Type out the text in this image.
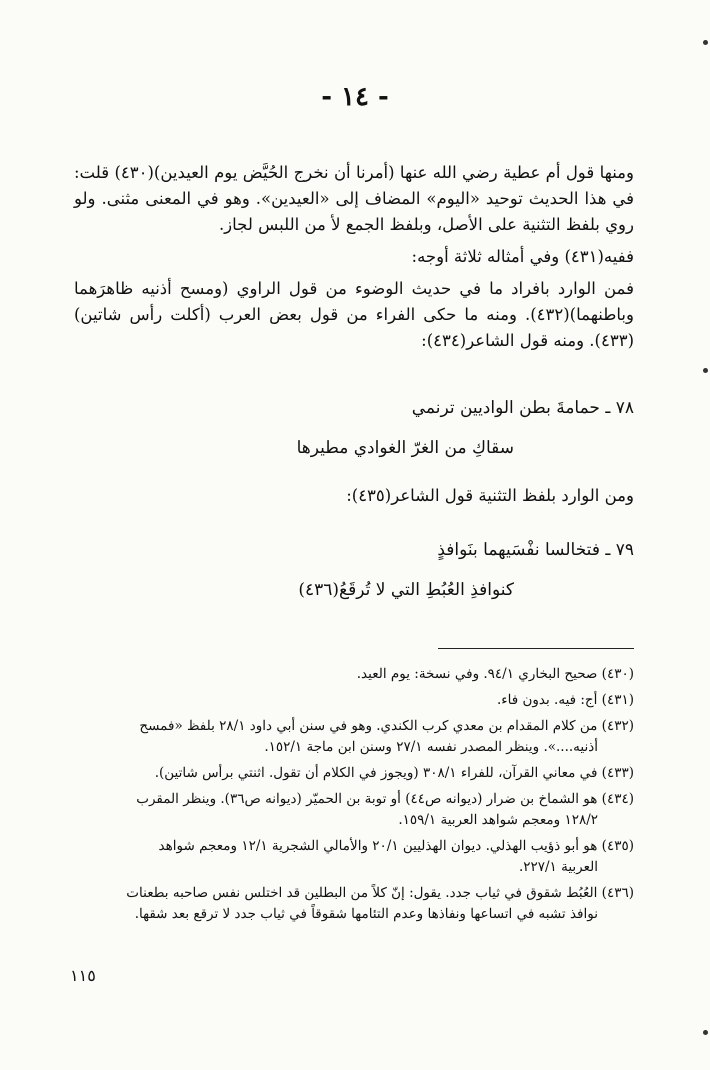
- ١٤ -

ومنها قول أم عطية رضي الله عنها (أمرنا أن نخرج الحُيَّض يوم العيدين)(٤٣٠) قلت: في هذا الحديث توحيد «اليوم» المضاف إلى «العيدين». وهو في المعنى مثنى. ولو روي بلفظ التثنية على الأصل، وبلفظ الجمع لأ من اللبس لجاز.

ففيه(٤٣١) وفي أمثاله ثلاثة أوجه:

فمن الوارد بافراد ما في حديث الوضوء من قول الراوي (ومسح أذنيه ظاهرَهما وباطنهما)(٤٣٢). ومنه ما حكى الفراء من قول بعض العرب (أكلت رأس شاتين)(٤٣٣). ومنه قول الشاعر(٤٣٤):

٧٨ ـ حمامةَ بطن الواديين ترنمي
سقاكِ من الغرّ الغوادي مطيرها
ومن الوارد بلفظ التثنية قول الشاعر(٤٣٥):
٧٩ ـ فتخالسا نفْسَيهما بنَوافذٍ
كنوافذِ العُبُطِ التي لا تُرقَعُ(٤٣٦)
(٤٣٠) صحيح البخاري ٩٤/١. وفي نسخة: يوم العيد.
(٤٣١) أج: فيه. بدون فاء.
(٤٣٢) من كلام المقدام بن معدي كرب الكندي. وهو في سنن أبي داود ٢٨/١ بلفظ «فمسح
أذنيه....». وينظر المصدر نفسه ٢٧/١ وسنن ابن ماجة ١٥٢/١.
(٤٣٣) في معاني القرآن، للفراء ٣٠٨/١ (ويجوز في الكلام أن تقول. اثنتي برأس شاتين).
(٤٣٤) هو الشماخ بن ضرار (ديوانه ص٤٤) أو توبة بن الحميّر (ديوانه ص٣٦). وينظر المقرب
١٢٨/٢ ومعجم شواهد العربية ١٥٩/١.
(٤٣٥) هو أبو ذؤيب الهذلي. ديوان الهذليين ٢٠/١ والأمالي الشجرية ١٢/١ ومعجم شواهد
العربية ٢٢٧/١.
(٤٣٦) العُبُط شقوق في ثياب جدد. يقول: إنّ كلاً من البطلين قد اختلس نفس صاحبه بطعنات
نوافذ تشبه في اتساعها ونفاذها وعدم التئامها شقوقاً في ثياب جدد لا ترقع بعد شقها.
١١٥
